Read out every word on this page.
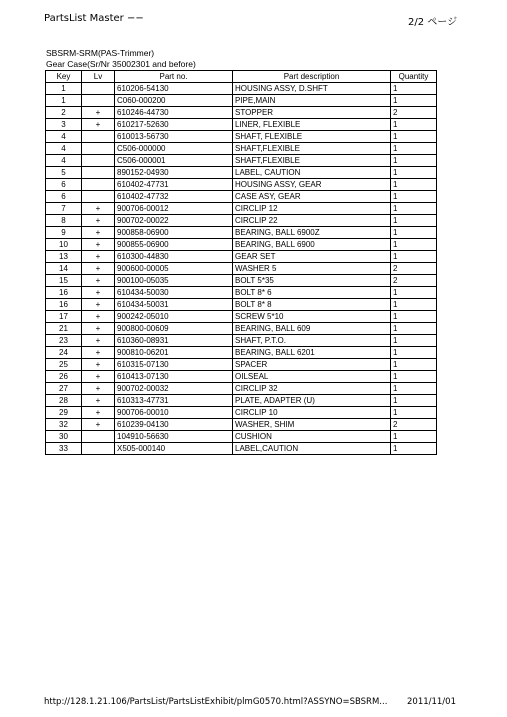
PartsList Master −−	2/2 ページ
SBSRM-SRM(PAS-Trimmer)
Gear Case(Sr/Nr 35002301 and before)
Key	Lv	Part no.	Part description	Quantity
1		610206-54130	HOUSING ASSY, D.SHFT	1
1		C060-000200	PIPE,MAIN	1
2	+	610246-44730	STOPPER	2
3	+	610217-52630	LINER, FLEXIBLE	1
4		610013-56730	SHAFT, FLEXIBLE	1
4		C506-000000	SHAFT,FLEXIBLE	1
4		C506-000001	SHAFT,FLEXIBLE	1
5		890152-04930	LABEL, CAUTION	1
6		610402-47731	HOUSING ASSY, GEAR	1
6		610402-47732	CASE ASY, GEAR	1
7	+	900706-00012	CIRCLIP 12	1
8	+	900702-00022	CIRCLIP 22	1
9	+	900858-06900	BEARING, BALL 6900Z	1
10	+	900855-06900	BEARING, BALL 6900	1
13	+	610300-44830	GEAR SET	1
14	+	900600-00005	WASHER 5	2
15	+	900100-05035	BOLT 5*35	2
16	+	610434-50030	BOLT 8* 6	1
16	+	610434-50031	BOLT 8* 8	1
17	+	900242-05010	SCREW 5*10	1
21	+	900800-00609	BEARING, BALL 609	1
23	+	610360-08931	SHAFT, P.T.O.	1
24	+	900810-06201	BEARING, BALL 6201	1
25	+	610315-07130	SPACER	1
26	+	610413-07130	OILSEAL	1
27	+	900702-00032	CIRCLIP 32	1
28	+	610313-47731	PLATE, ADAPTER (U)	1
29	+	900706-00010	CIRCLIP 10	1
32	+	610239-04130	WASHER, SHIM	2
30		104910-56630	CUSHION	1
33		X505-000140	LABEL,CAUTION	1
http://128.1.21.106/PartsList/PartsListExhibit/plmG0570.html?ASSYNO=SBSRM... 2011/11/01
